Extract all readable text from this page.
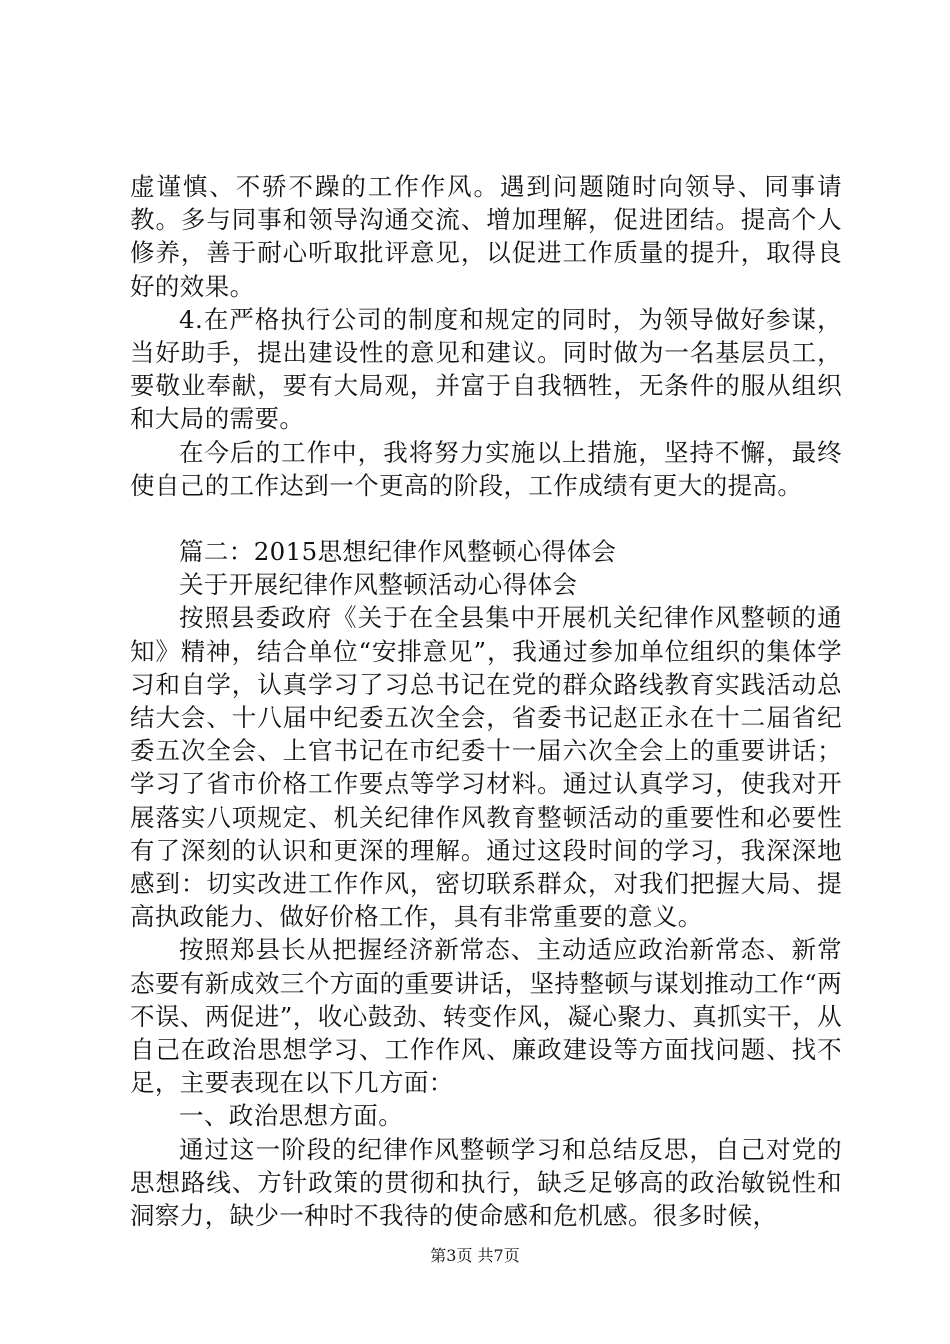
虚谨慎、不骄不躁的工作作风。遇到问题随时向领导、同事请教。多与同事和领导沟通交流、增加理解，促进团结。提高个人修养，善于耐心听取批评意见，以促进工作质量的提升，取得良好的效果。

4.在严格执行公司的制度和规定的同时，为领导做好参谋，当好助手，提出建设性的意见和建议。同时做为一名基层员工，要敬业奉献，要有大局观，并富于自我牺牲，无条件的服从组织和大局的需要。

在今后的工作中，我将努力实施以上措施，坚持不懈，最终使自己的工作达到一个更高的阶段，工作成绩有更大的提高。

篇二：2015思想纪律作风整顿心得体会

关于开展纪律作风整顿活动心得体会

按照县委政府《关于在全县集中开展机关纪律作风整顿的通知》精神，结合单位“安排意见”，我通过参加单位组织的集体学习和自学，认真学习了习总书记在党的群众路线教育实践活动总结大会、十八届中纪委五次全会，省委书记赵正永在十二届省纪委五次全会、上官书记在市纪委十一届六次全会上的重要讲话；学习了省市价格工作要点等学习材料。通过认真学习，使我对开展落实八项规定、机关纪律作风教育整顿活动的重要性和必要性有了深刻的认识和更深的理解。通过这段时间的学习，我深深地感到：切实改进工作作风，密切联系群众，对我们把握大局、提高执政能力、做好价格工作，具有非常重要的意义。

按照郑县长从把握经济新常态、主动适应政治新常态、新常态要有新成效三个方面的重要讲话，坚持整顿与谋划推动工作“两不误、两促进”，收心鼓劲、转变作风，凝心聚力、真抓实干，从自己在政治思想学习、工作作风、廉政建设等方面找问题、找不足，主要表现在以下几方面：

一、政治思想方面。

通过这一阶段的纪律作风整顿学习和总结反思，自己对党的思想路线、方针政策的贯彻和执行，缺乏足够高的政治敏锐性和洞察力，缺少一种时不我待的使命感和危机感。很多时候，

第3页 共7页
